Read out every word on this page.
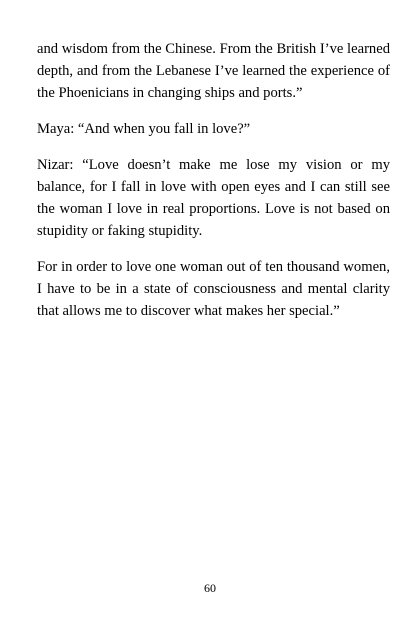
and wisdom from the Chinese. From the British I’ve learned depth, and from the Lebanese I’ve learned the experience of the Phoenicians in changing ships and ports.”

Maya: “And when you fall in love?”

Nizar: “Love doesn’t make me lose my vision or my balance, for I fall in love with open eyes and I can still see the woman I love in real proportions. Love is not based on stupidity or faking stupidity.

For in order to love one woman out of ten thousand women, I have to be in a state of consciousness and mental clarity that allows me to discover what makes her special.”

60
